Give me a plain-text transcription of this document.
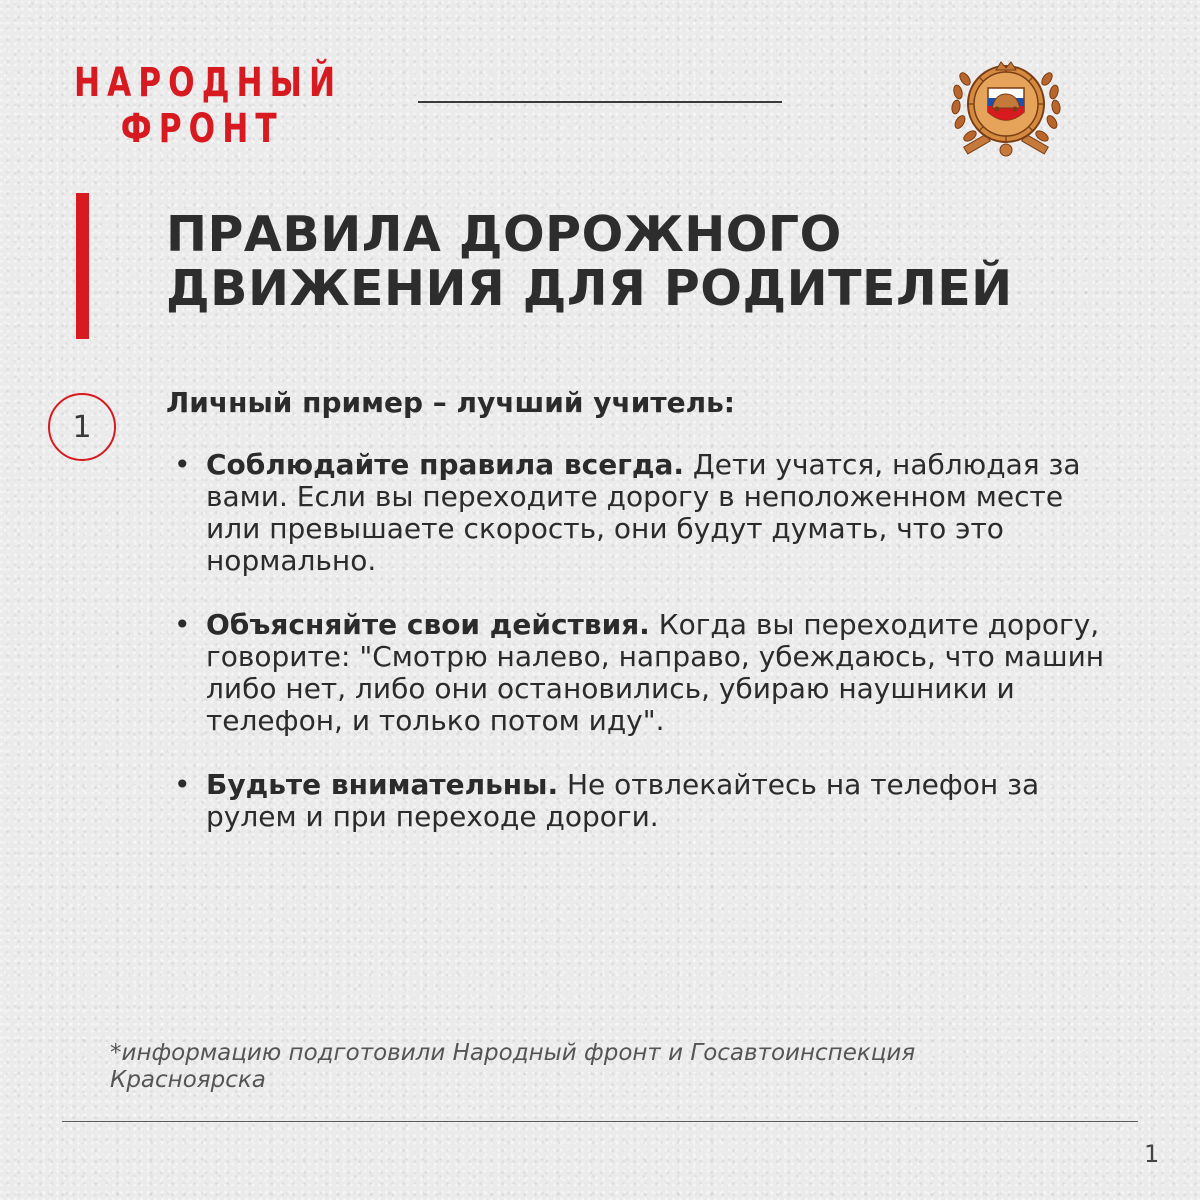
НАРОДНЫЙ
ФРОНТ
ПРАВИЛА ДОРОЖНОГО
ДВИЖЕНИЯ ДЛЯ РОДИТЕЛЕЙ
1
Личный пример – лучший учитель:
• Соблюдайте правила всегда. Дети учатся, наблюдая за вами. Если вы переходите дорогу в неположенном месте или превышаете скорость, они будут думать, что это нормально.
• Объясняйте свои действия. Когда вы переходите дорогу, говорите: "Смотрю налево, направо, убеждаюсь, что машин либо нет, либо они остановились, убираю наушники и телефон, и только потом иду".
• Будьте внимательны. Не отвлекайтесь на телефон за рулем и при переходе дороги.
*информацию подготовили Народный фронт и Госавтоинспекция Красноярска
1
